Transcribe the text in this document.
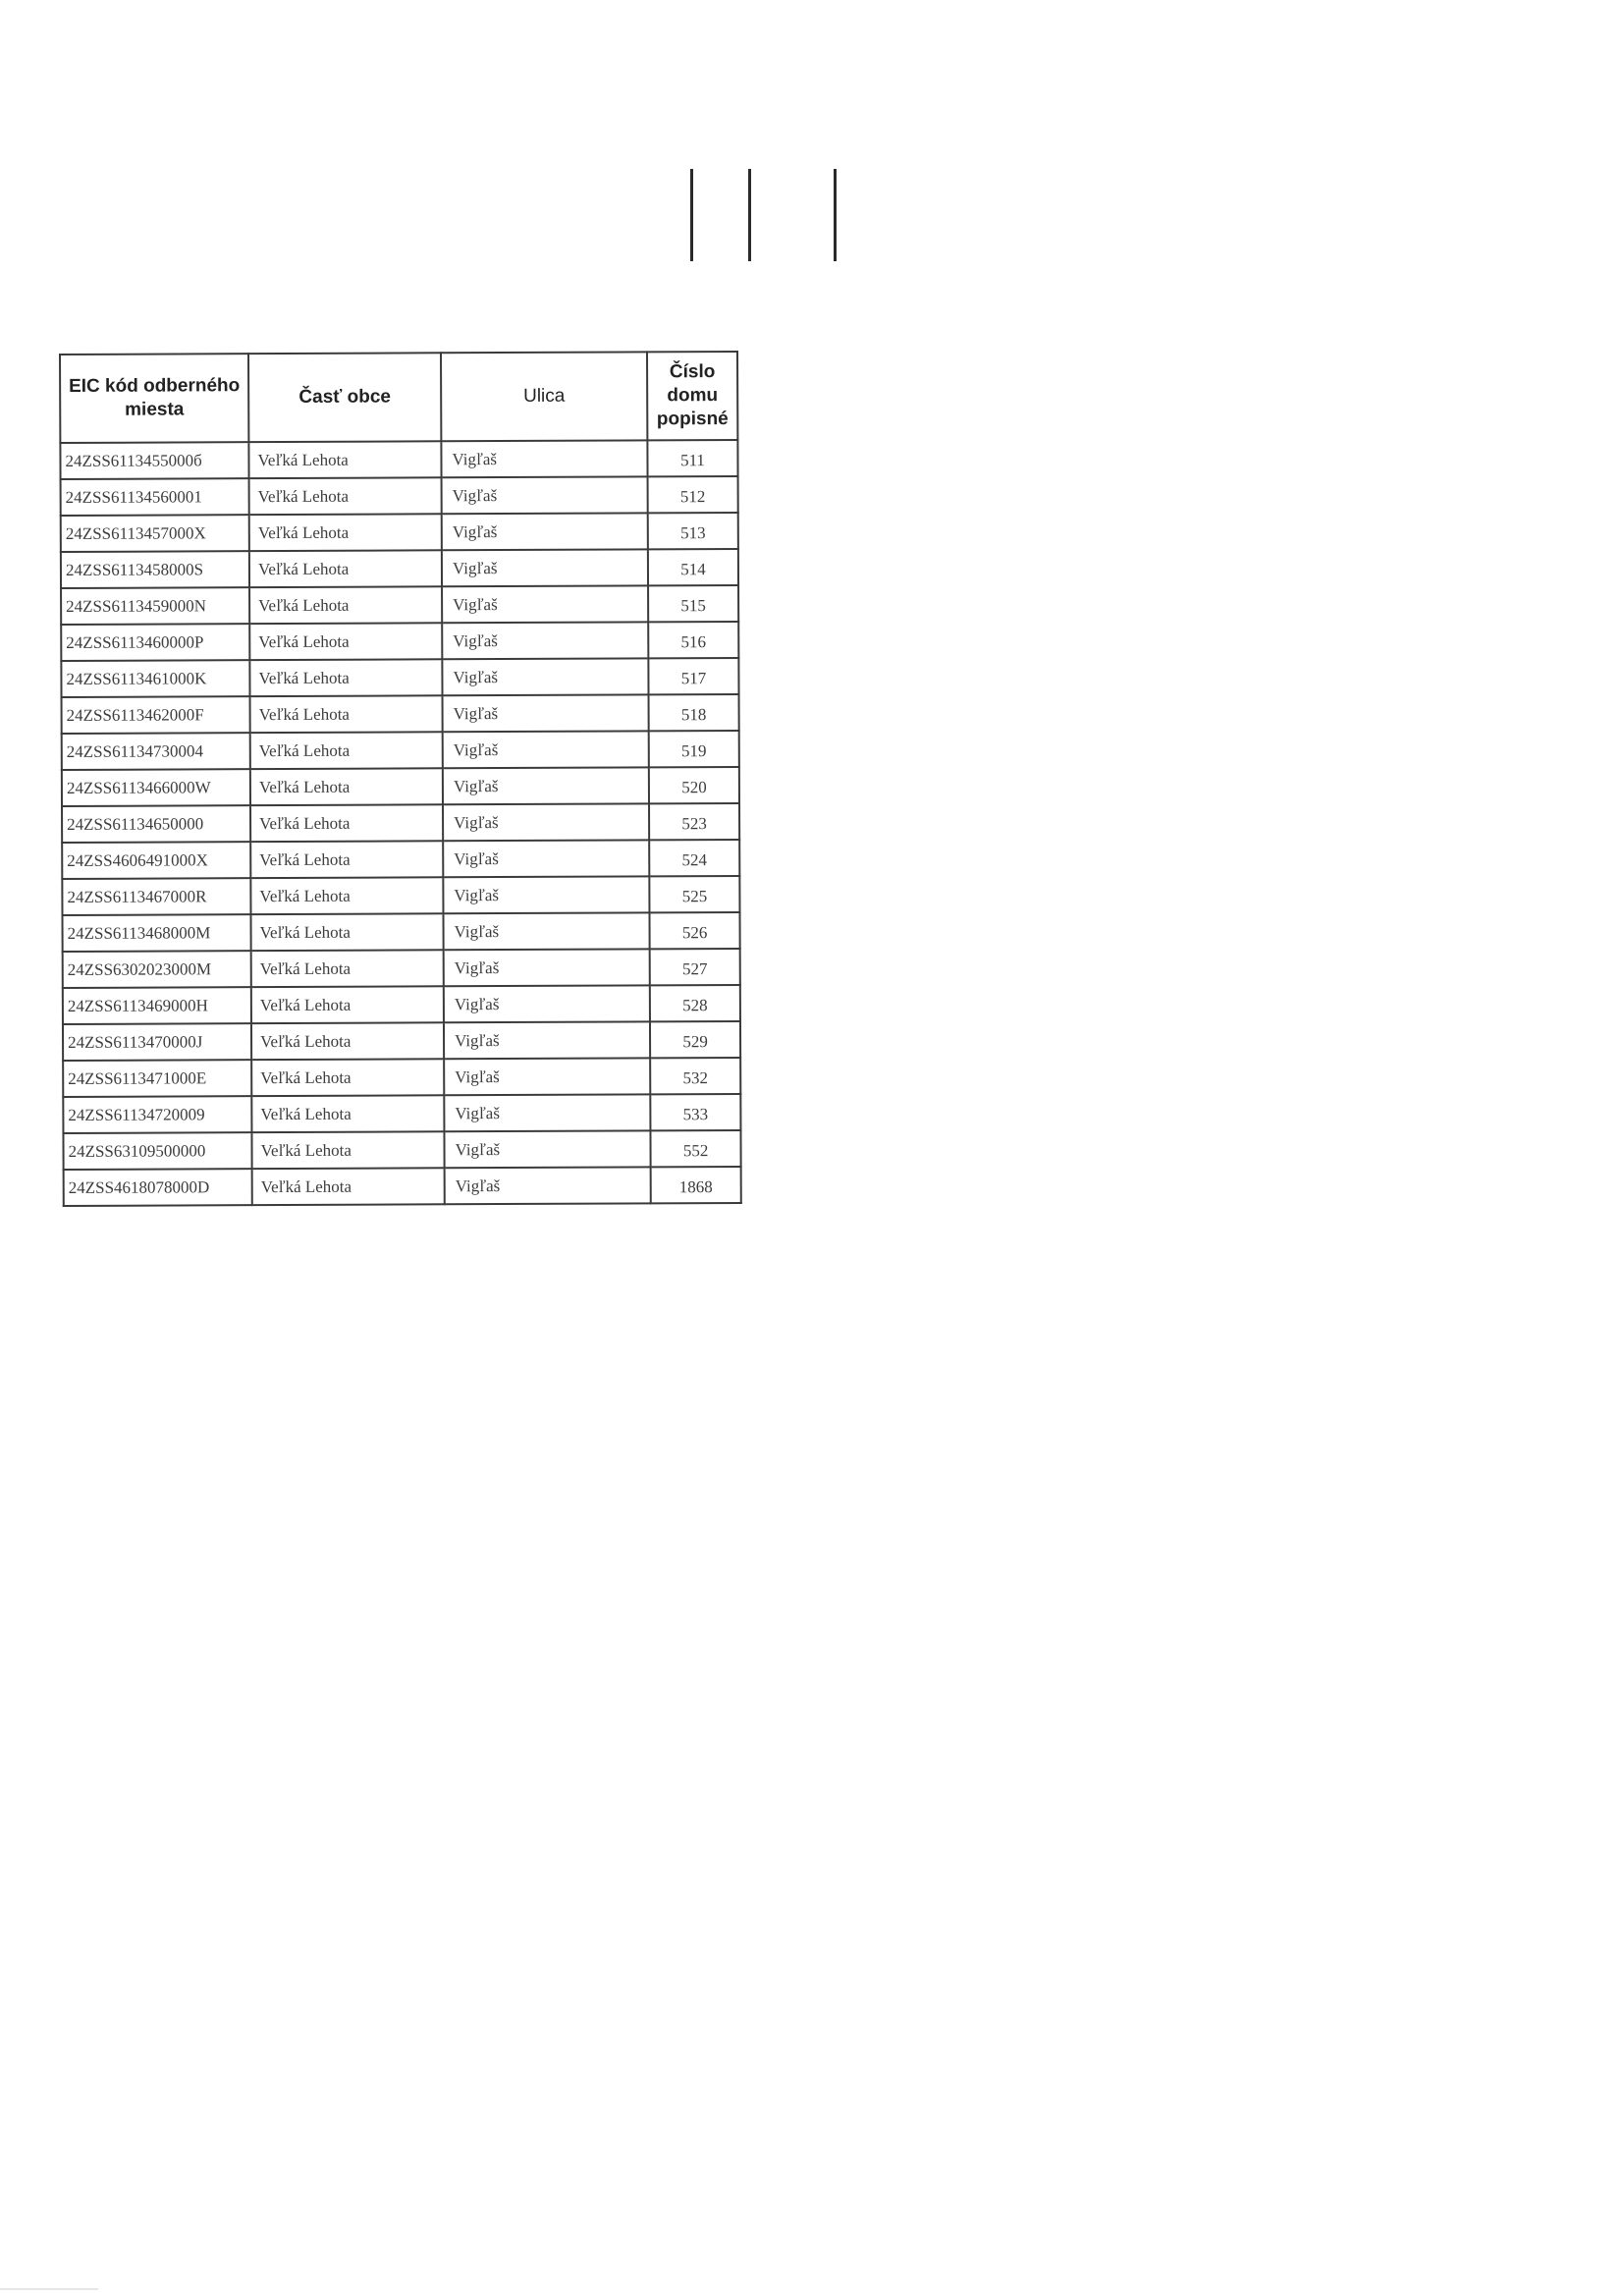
EIC kód odberného miesta	Časť obce	Ulica	Číslo domu popisné
24ZSS6113455000б	Veľká Lehota	Vigľaš	511
24ZSS61134560001	Veľká Lehota	Vigľaš	512
24ZSS6113457000X	Veľká Lehota	Vigľaš	513
24ZSS6113458000S	Veľká Lehota	Vigľaš	514
24ZSS6113459000N	Veľká Lehota	Vigľaš	515
24ZSS6113460000P	Veľká Lehota	Vigľaš	516
24ZSS6113461000K	Veľká Lehota	Vigľaš	517
24ZSS6113462000F	Veľká Lehota	Vigľaš	518
24ZSS61134730004	Veľká Lehota	Vigľaš	519
24ZSS6113466000W	Veľká Lehota	Vigľaš	520
24ZSS61134650000	Veľká Lehota	Vigľaš	523
24ZSS4606491000X	Veľká Lehota	Vigľaš	524
24ZSS6113467000R	Veľká Lehota	Vigľaš	525
24ZSS6113468000M	Veľká Lehota	Vigľaš	526
24ZSS6302023000M	Veľká Lehota	Vigľaš	527
24ZSS6113469000H	Veľká Lehota	Vigľaš	528
24ZSS6113470000J	Veľká Lehota	Vigľaš	529
24ZSS6113471000E	Veľká Lehota	Vigľaš	532
24ZSS61134720009	Veľká Lehota	Vigľaš	533
24ZSS63109500000	Veľká Lehota	Vigľaš	552
24ZSS4618078000D	Veľká Lehota	Vigľaš	1868
